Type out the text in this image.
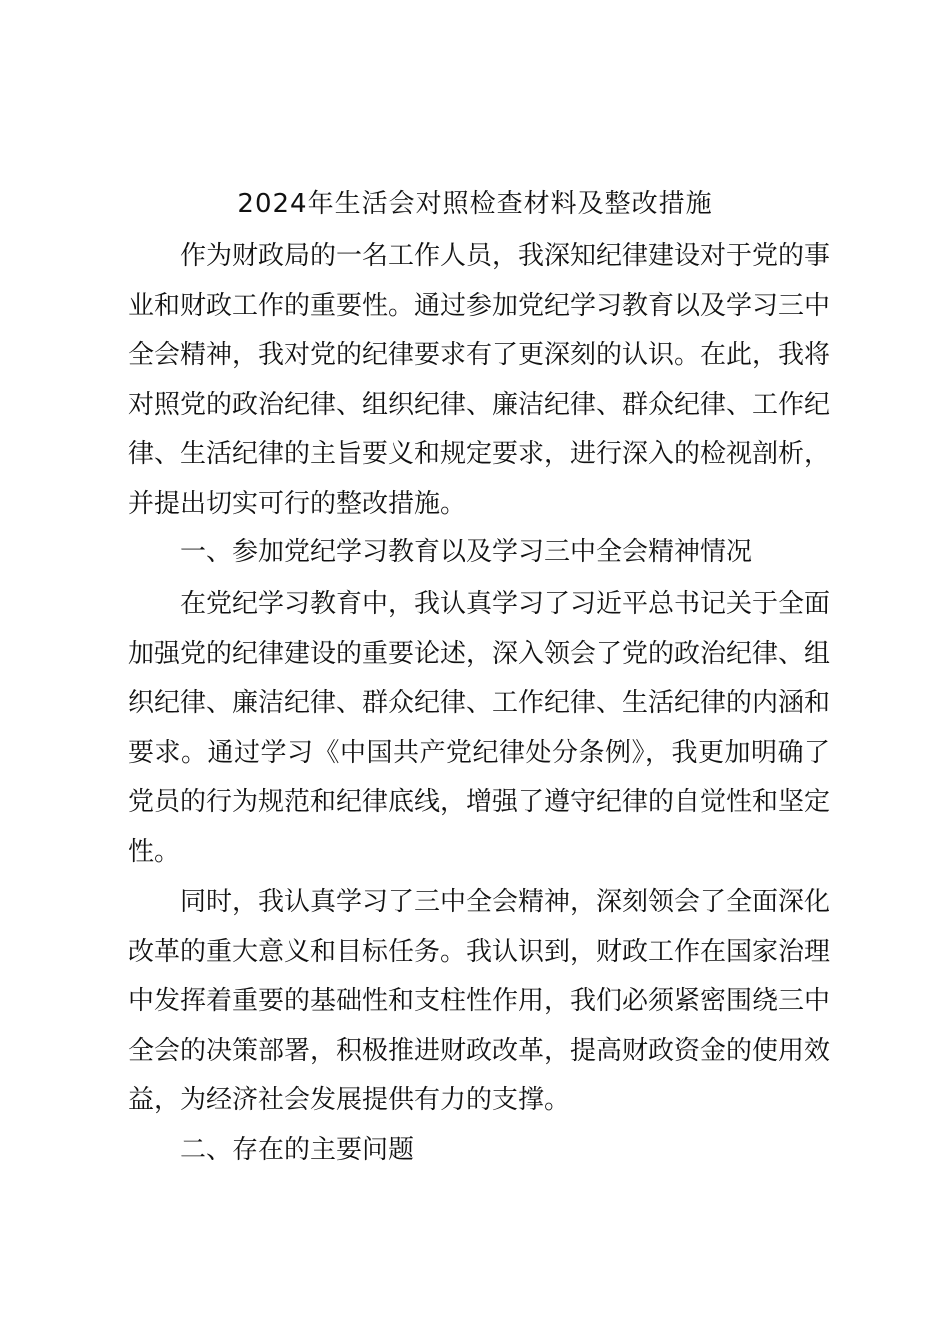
2024年生活会对照检查材料及整改措施

作为财政局的一名工作人员，我深知纪律建设对于党的事业和财政工作的重要性。通过参加党纪学习教育以及学习三中全会精神，我对党的纪律要求有了更深刻的认识。在此，我将对照党的政治纪律、组织纪律、廉洁纪律、群众纪律、工作纪律、生活纪律的主旨要义和规定要求，进行深入的检视剖析，并提出切实可行的整改措施。

一、参加党纪学习教育以及学习三中全会精神情况

在党纪学习教育中，我认真学习了习近平总书记关于全面加强党的纪律建设的重要论述，深入领会了党的政治纪律、组织纪律、廉洁纪律、群众纪律、工作纪律、生活纪律的内涵和要求。通过学习《中国共产党纪律处分条例》，我更加明确了党员的行为规范和纪律底线，增强了遵守纪律的自觉性和坚定性。

同时，我认真学习了三中全会精神，深刻领会了全面深化改革的重大意义和目标任务。我认识到，财政工作在国家治理中发挥着重要的基础性和支柱性作用，我们必须紧密围绕三中全会的决策部署，积极推进财政改革，提高财政资金的使用效益，为经济社会发展提供有力的支撑。

二、存在的主要问题
